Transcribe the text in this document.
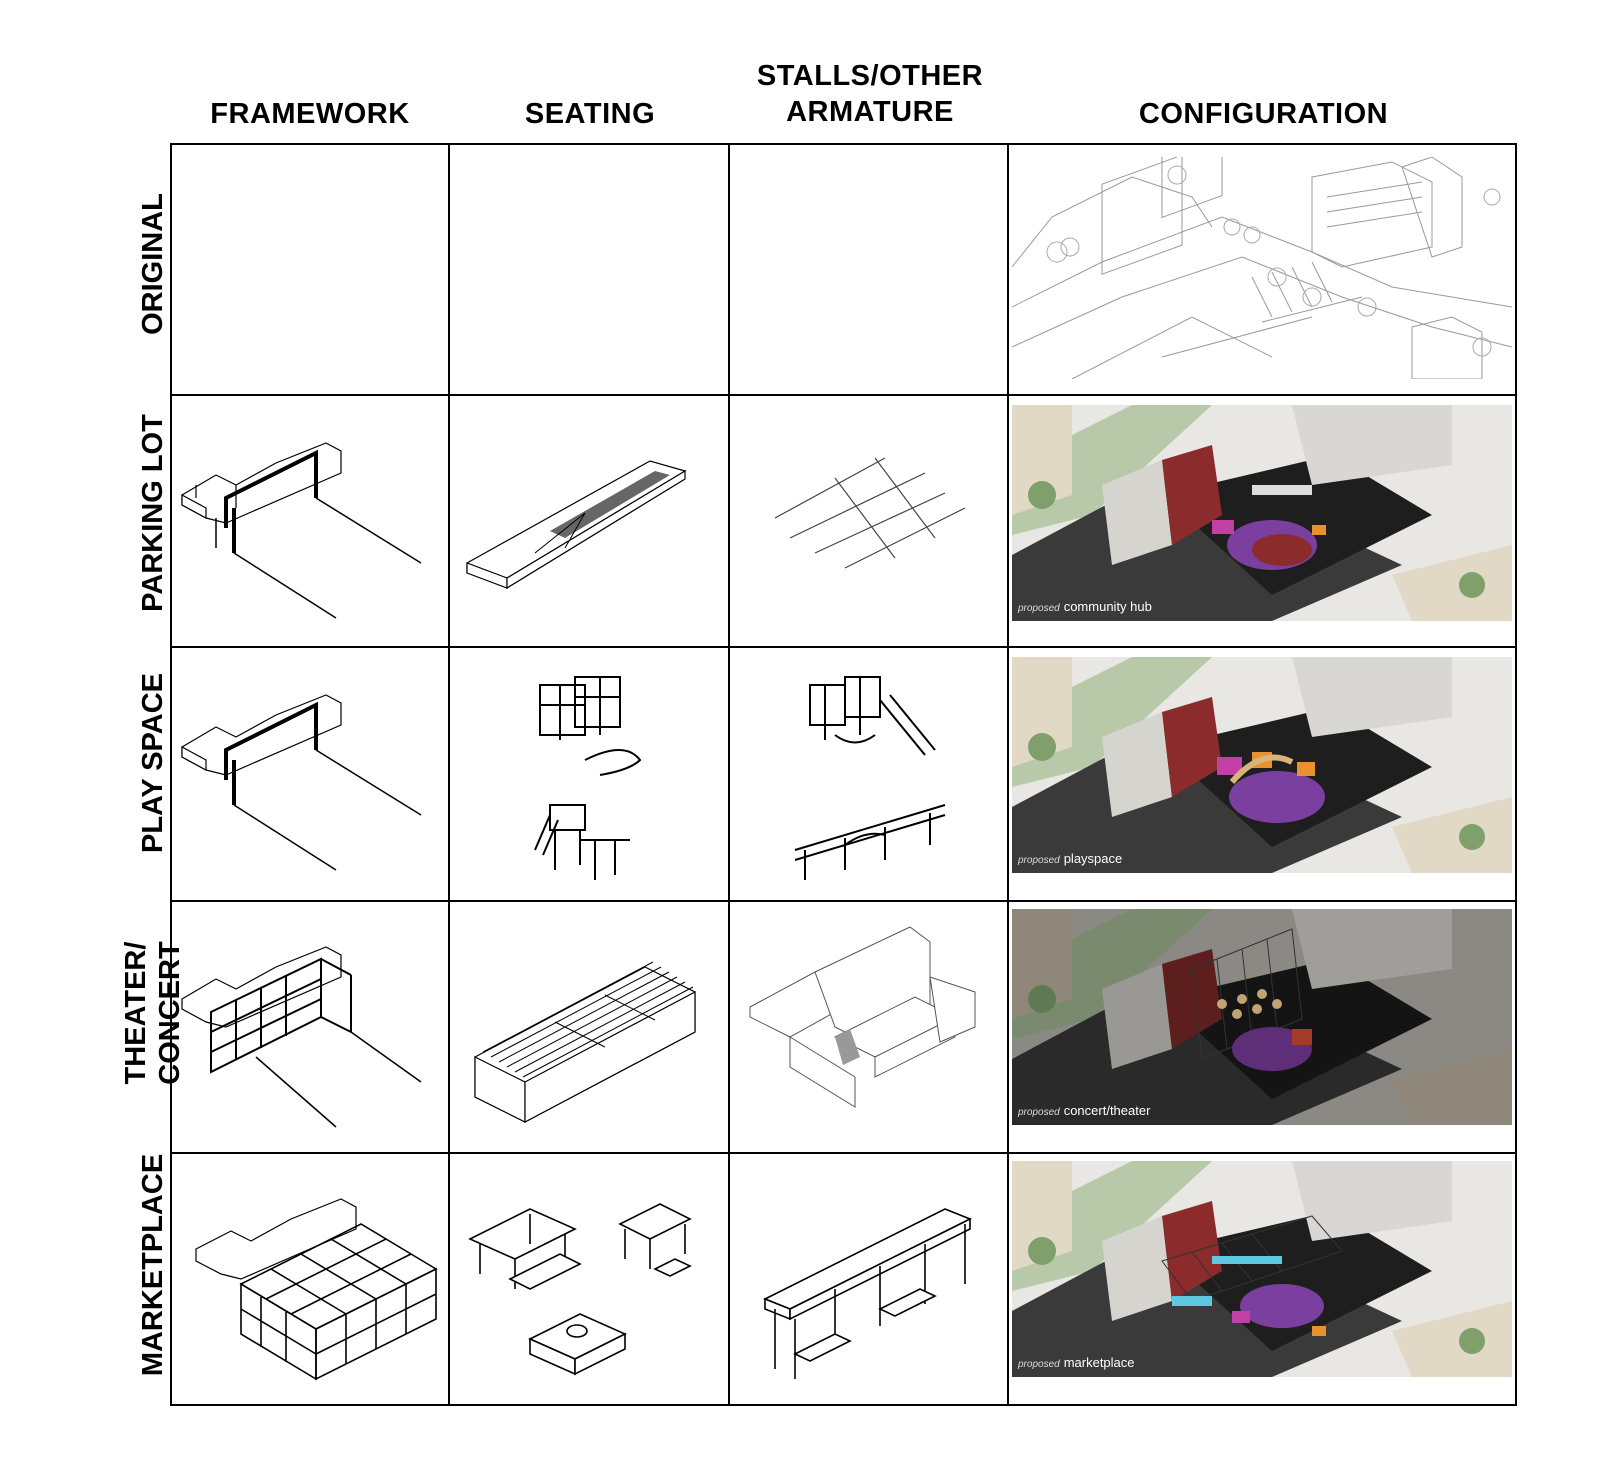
FRAMEWORK	SEATING
STALLS/OTHER
ARMATURE	CONFIGURATION
ORIGINAL
PARKING LOT
PLAY SPACE
THEATER/ CONCERT
MARKETPLACE
proposed community hub
proposed playspace
proposed concert/theater
proposed marketplace
